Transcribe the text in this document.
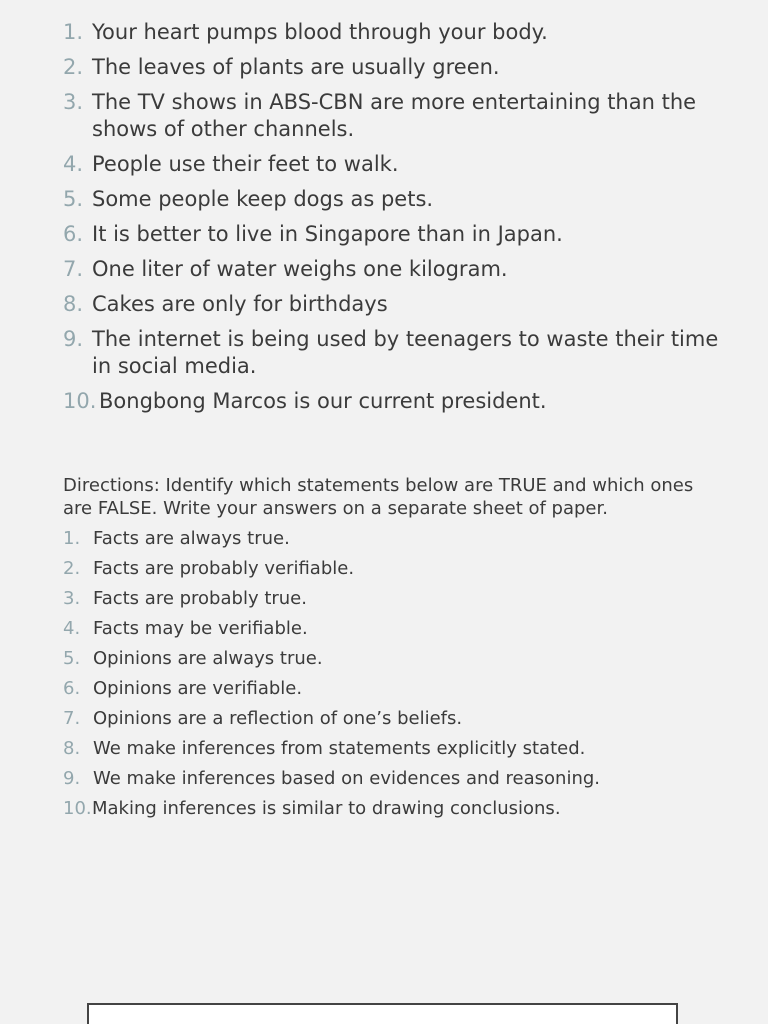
1. Your heart pumps blood through your body.
2. The leaves of plants are usually green.
3. The TV shows in ABS-CBN are more entertaining than the shows of other channels.
4. People use their feet to walk.
5. Some people keep dogs as pets.
6. It is better to live in Singapore than in Japan.
7. One liter of water weighs one kilogram.
8. Cakes are only for birthdays
9. The internet is being used by teenagers to waste their time in social media.
10. Bongbong Marcos is our current president.
Directions: Identify which statements below are TRUE and which ones are FALSE. Write your answers on a separate sheet of paper.
1. Facts are always true.
2. Facts are probably verifiable.
3. Facts are probably true.
4. Facts may be verifiable.
5. Opinions are always true.
6. Opinions are verifiable.
7. Opinions are a reflection of one’s beliefs.
8. We make inferences from statements explicitly stated.
9. We make inferences based on evidences and reasoning.
10. Making inferences is similar to drawing conclusions.
